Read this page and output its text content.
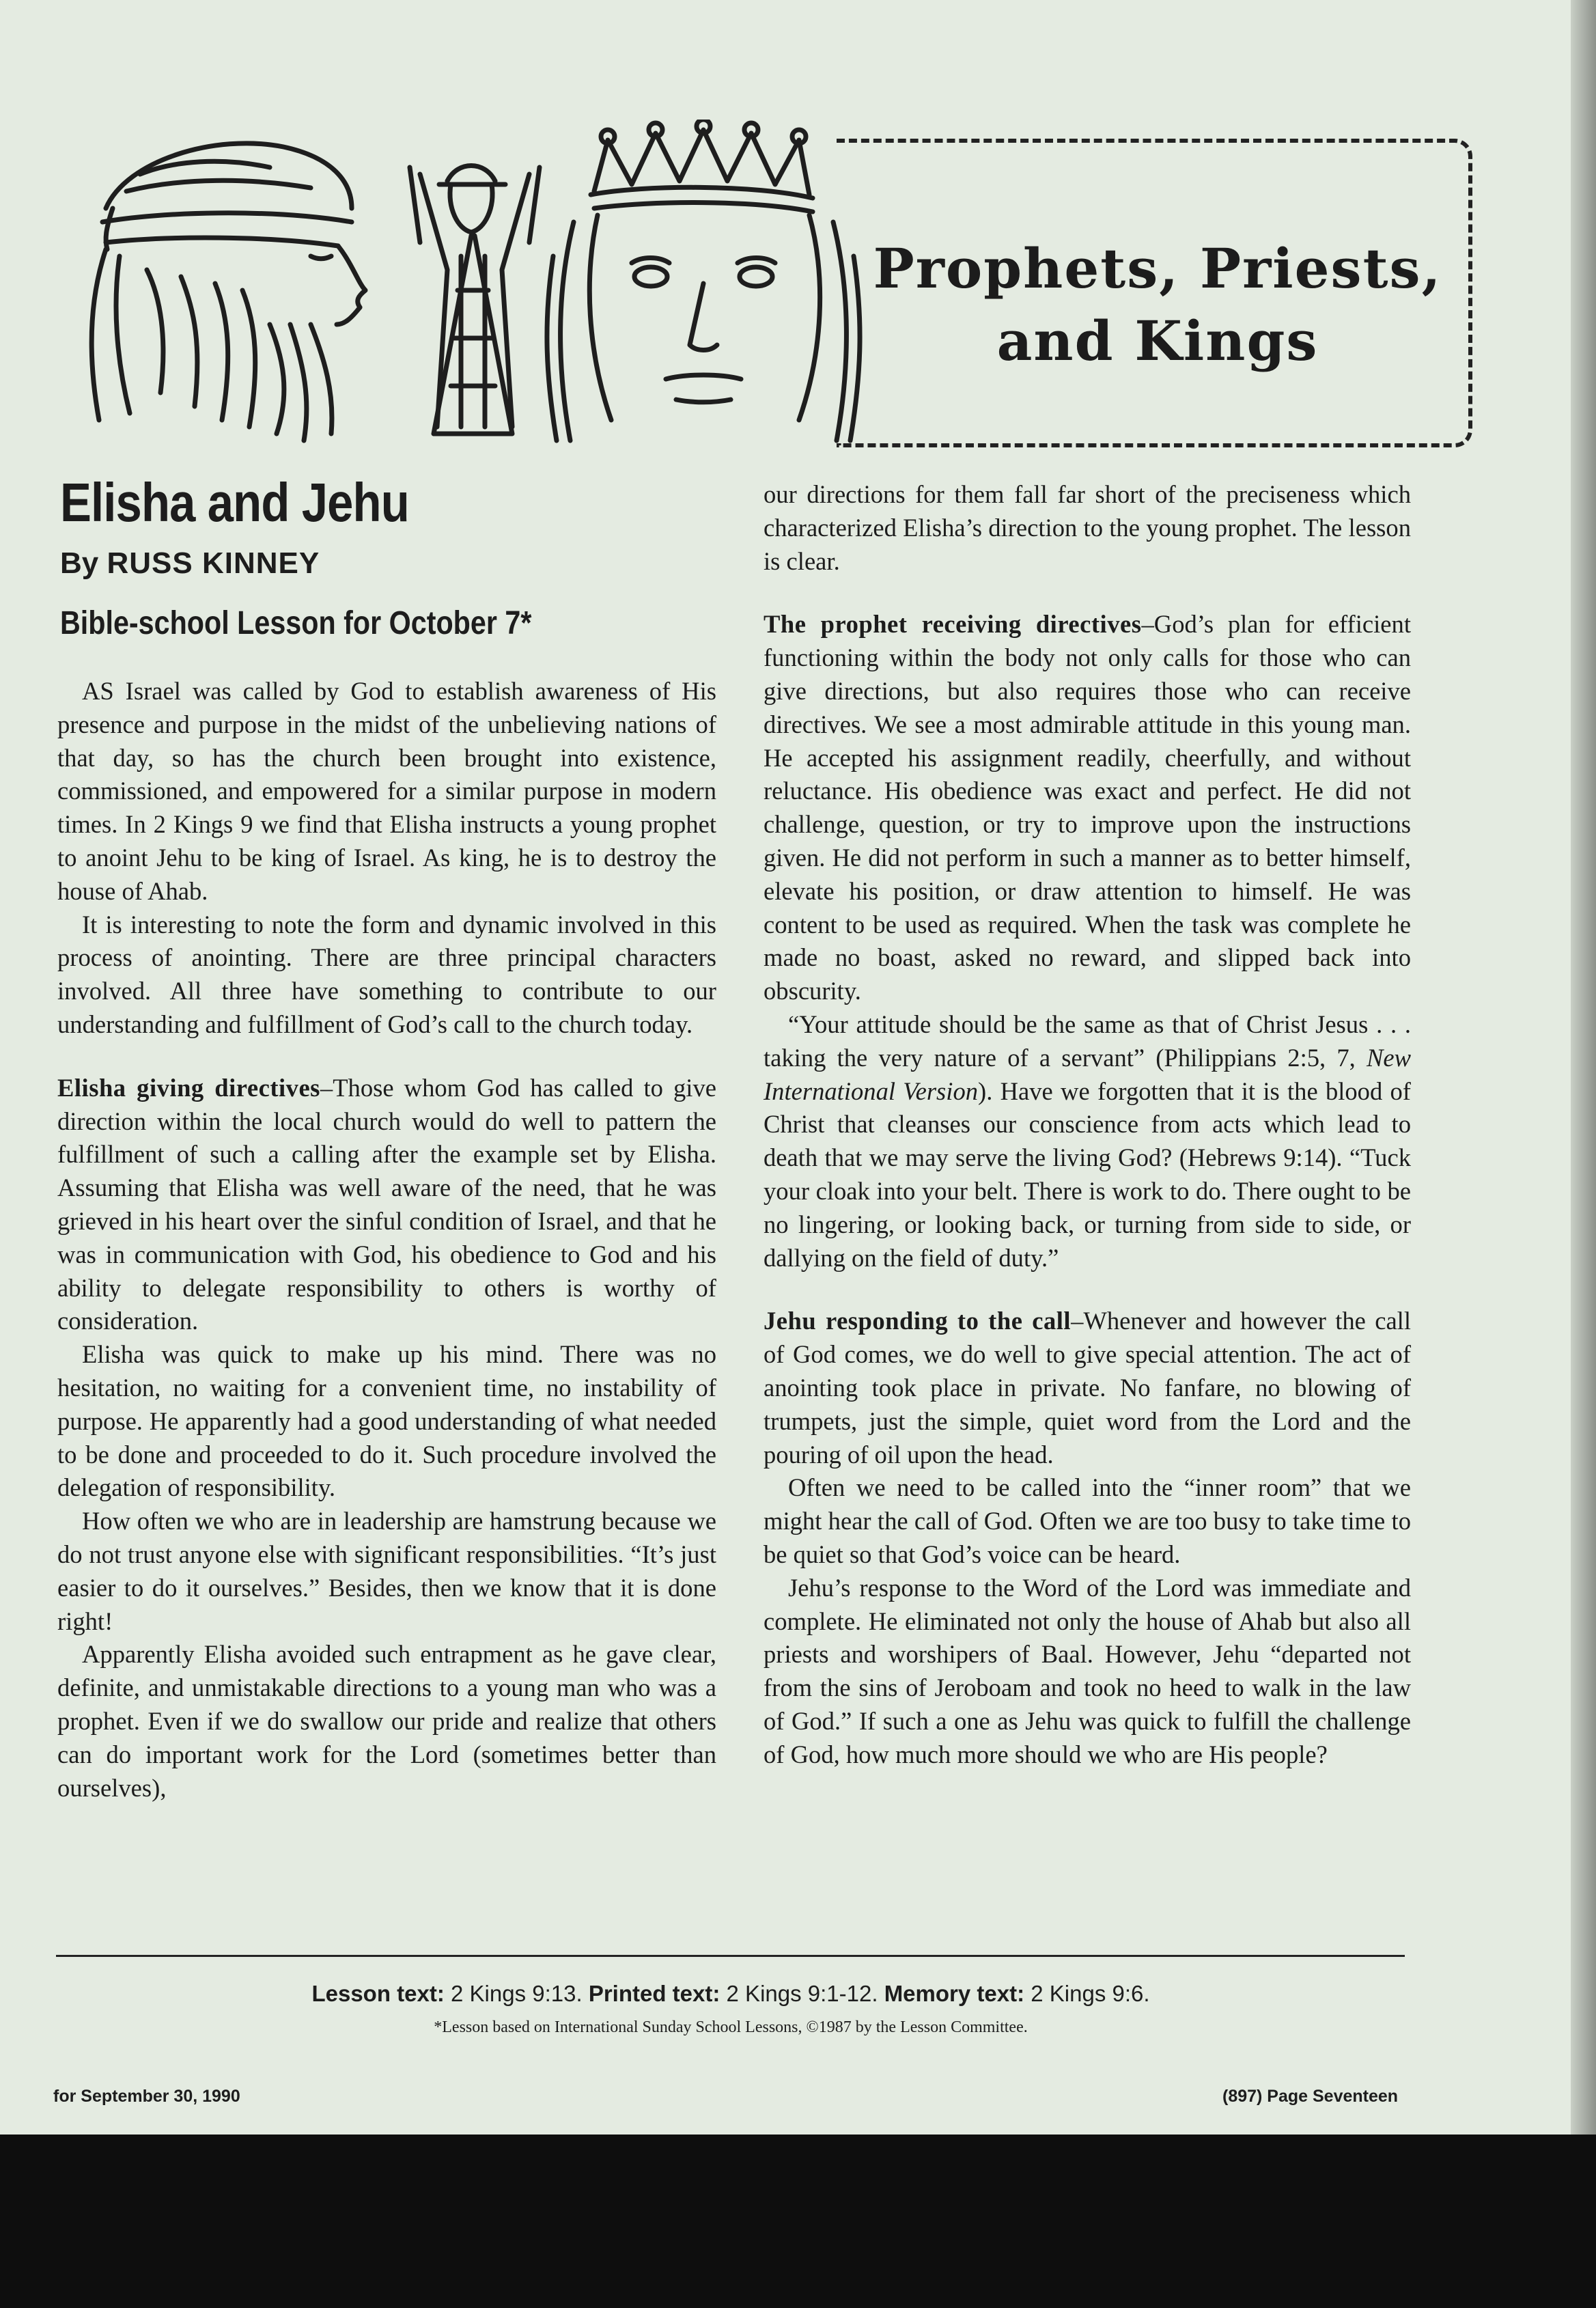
Prophets, Priests,
and Kings
Elisha and Jehu
By RUSS KINNEY
Bible-school Lesson for October 7*

AS Israel was called by God to establish awareness of His presence and purpose in the midst of the unbelieving nations of that day, so has the church been brought into existence, commissioned, and empowered for a similar purpose in modern times. In 2 Kings 9 we find that Elisha instructs a young prophet to anoint Jehu to be king of Israel. As king, he is to destroy the house of Ahab.

It is interesting to note the form and dynamic involved in this process of anointing. There are three principal characters involved. All three have something to contribute to our understanding and fulfillment of God’s call to the church today.

Elisha giving directives–Those whom God has called to give direction within the local church would do well to pattern the fulfillment of such a calling after the example set by Elisha. Assuming that Elisha was well aware of the need, that he was grieved in his heart over the sinful condition of Israel, and that he was in communication with God, his obedience to God and his ability to delegate responsibility to others is worthy of consideration.

Elisha was quick to make up his mind. There was no hesitation, no waiting for a convenient time, no instability of purpose. He apparently had a good understanding of what needed to be done and proceeded to do it. Such procedure involved the delegation of responsibility.

How often we who are in leadership are hamstrung because we do not trust anyone else with significant responsibilities. “It’s just easier to do it ourselves.” Besides, then we know that it is done right!

Apparently Elisha avoided such entrapment as he gave clear, definite, and unmistakable directions to a young man who was a prophet. Even if we do swallow our pride and realize that others can do important work for the Lord (sometimes better than ourselves),

our directions for them fall far short of the preciseness which characterized Elisha’s direction to the young prophet. The lesson is clear.

The prophet receiving directives–God’s plan for efficient functioning within the body not only calls for those who can give directions, but also requires those who can receive directives. We see a most admirable attitude in this young man. He accepted his assignment readily, cheerfully, and without reluctance. His obedience was exact and perfect. He did not challenge, question, or try to improve upon the instructions given. He did not perform in such a manner as to better himself, elevate his position, or draw attention to himself. He was content to be used as required. When the task was complete he made no boast, asked no reward, and slipped back into obscurity.

“Your attitude should be the same as that of Christ Jesus . . . taking the very nature of a servant” (Philippians 2:5, 7, New International Version). Have we forgotten that it is the blood of Christ that cleanses our conscience from acts which lead to death that we may serve the living God? (Hebrews 9:14). “Tuck your cloak into your belt. There is work to do. There ought to be no lingering, or looking back, or turning from side to side, or dallying on the field of duty.”

Jehu responding to the call–Whenever and however the call of God comes, we do well to give special attention. The act of anointing took place in private. No fanfare, no blowing of trumpets, just the simple, quiet word from the Lord and the pouring of oil upon the head.

Often we need to be called into the “inner room” that we might hear the call of God. Often we are too busy to take time to be quiet so that God’s voice can be heard.

Jehu’s response to the Word of the Lord was immediate and complete. He eliminated not only the house of Ahab but also all priests and worshipers of Baal. However, Jehu “departed not from the sins of Jeroboam and took no heed to walk in the law of God.” If such a one as Jehu was quick to fulfill the challenge of God, how much more should we who are His people?

Lesson text: 2 Kings 9:13. Printed text: 2 Kings 9:1-12. Memory text: 2 Kings 9:6.
*Lesson based on International Sunday School Lessons, ©1987 by the Lesson Committee.
for September 30, 1990	(897) Page Seventeen
